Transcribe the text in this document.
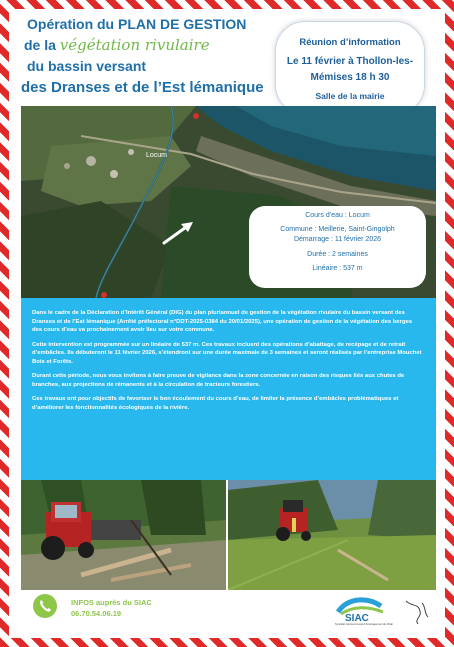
Opération du PLAN DE GESTION
de la végétation rivulaire
du bassin versant
des Dranses et de l’Est lémanique
Réunion d’information
Le 11 février à Thollon-les-
Mémises 18 h 30
Salle de la mairie
Locum
Cours d’eau : Locum
Commune : Meillerie, Saint-Gingolph
Démarrage : 11 février 2026
Durée : 2 semaines
Linéaire : 537 m

Dans le cadre de la Déclaration d’Intérêt Général (DIG) du plan pluriannuel de gestion de la végétation rivulaire du bassin versant des Dranses et de l’Est lémanique (Arrêté préfectoral n°DDT-2025-0384 du 20/01/2025), une opération de gestion de la végétation des berges des cours d’eau va prochainement avoir lieu sur votre commune.

Cette intervention est programmée sur un linéaire de 537 m. Ces travaux incluent des opérations d’abattage, de recépage et de retrait d’embâcles. Ils débuteront le 11 février 2026, s’étendront sur une durée maximale de 3 semaines et seront réalisés par l’entreprise Mouchet Bois et Forêts.

Durant cette période, nous vous invitons à faire preuve de vigilance dans la zone concernée en raison des risques liés aux chutes de branches, aux projections de rémanents et à la circulation de tracteurs forestiers.

Ces travaux ont pour objectifs de favoriser le bon écoulement du cours d’eau, de limiter la présence d’embâcles problématiques et d’améliorer les fonctionnalités écologiques de la rivière.

INFOS auprès du SIAC
06.70.54.06.19	SIAC
Syndicat Intercommunal d’Aménagement du Chablais
